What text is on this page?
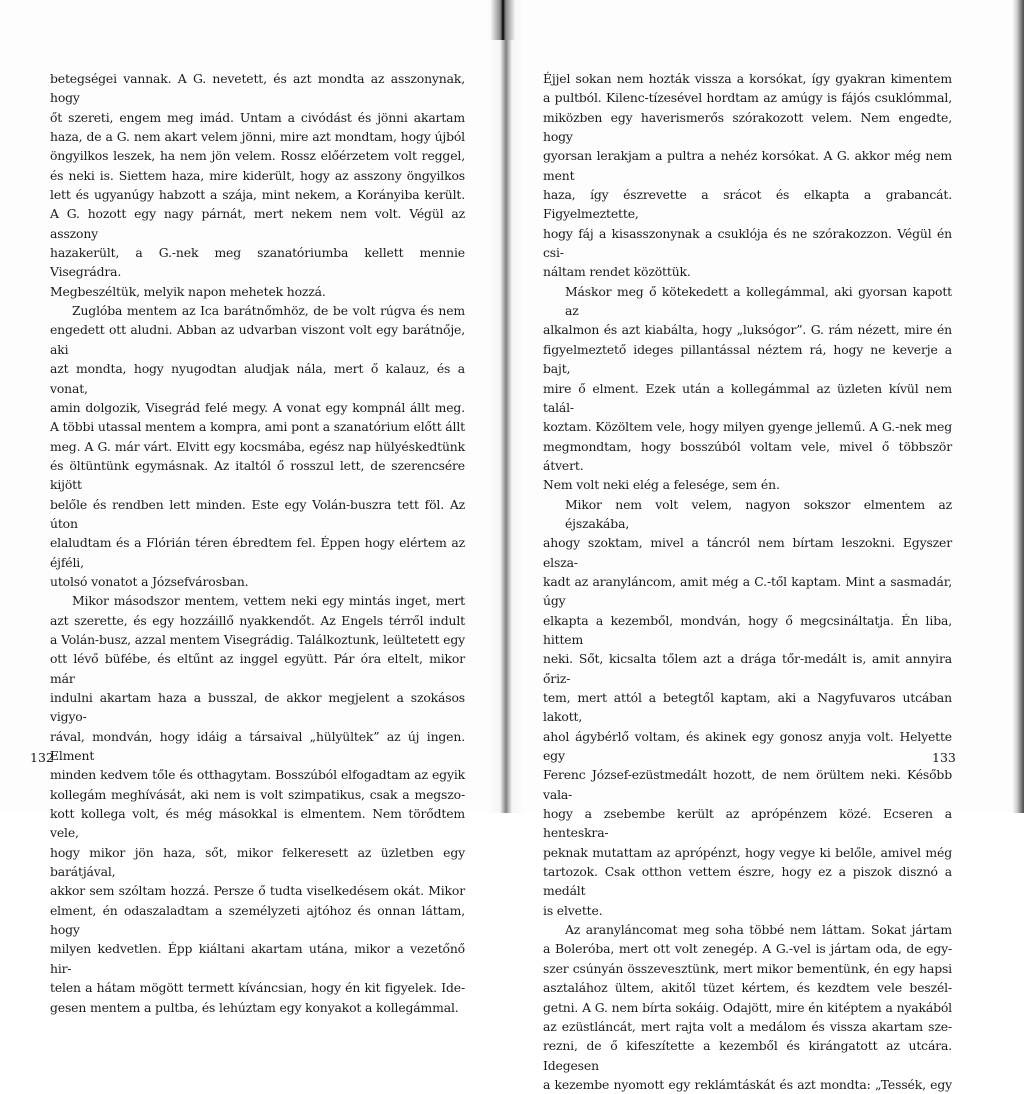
betegségei vannak. A G. nevetett, és azt mondta az asszonynak, hogy
őt szereti, engem meg imád. Untam a civódást és jönni akartam
haza, de a G. nem akart velem jönni, mire azt mondtam, hogy újból
öngyilkos leszek, ha nem jön velem. Rossz előérzetem volt reggel,
és neki is. Siettem haza, mire kiderült, hogy az asszony öngyilkos
lett és ugyanúgy habzott a szája, mint nekem, a Korányiba került.
A G. hozott egy nagy párnát, mert nekem nem volt. Végül az asszony
hazakerült, a G.-nek meg szanatóriumba kellett mennie Visegrádra.
Megbeszéltük, melyik napon mehetek hozzá.
Zuglóba mentem az Ica barátnőmhöz, de be volt rúgva és nem
engedett ott aludni. Abban az udvarban viszont volt egy barátnője, aki
azt mondta, hogy nyugodtan aludjak nála, mert ő kalauz, és a vonat,
amin dolgozik, Visegrád felé megy. A vonat egy kompnál állt meg.
A többi utassal mentem a kompra, ami pont a szanatórium előtt állt
meg. A G. már várt. Elvitt egy kocsmába, egész nap hülyéskedtünk
és öltüntünk egymásnak. Az italtól ő rosszul lett, de szerencsére kijött
belőle és rendben lett minden. Este egy Volán-buszra tett föl. Az úton
elaludtam és a Flórián téren ébredtem fel. Éppen hogy elértem az éjféli,
utolsó vonatot a Józsefvárosban.
Mikor másodszor mentem, vettem neki egy mintás inget, mert
azt szerette, és egy hozzáillő nyakkendőt. Az Engels térről indult
a Volán-busz, azzal mentem Visegrádig. Találkoztunk, leültetett egy
ott lévő büfébe, és eltűnt az inggel együtt. Pár óra eltelt, mikor már
indulni akartam haza a busszal, de akkor megjelent a szokásos vigyo-
rával, mondván, hogy idáig a társaival „hülyültek” az új ingen. Elment
minden kedvem tőle és otthagytam. Bosszúból elfogadtam az egyik
kollegám meghívását, aki nem is volt szimpatikus, csak a megszo-
kott kollega volt, és még másokkal is elmentem. Nem törődtem vele,
hogy mikor jön haza, sőt, mikor felkeresett az üzletben egy barátjával,
akkor sem szóltam hozzá. Persze ő tudta viselkedésem okát. Mikor
elment, én odaszaladtam a személyzeti ajtóhoz és onnan láttam, hogy
milyen kedvetlen. Épp kiáltani akartam utána, mikor a vezetőnő hir-
telen a hátam mögött termett kíváncsian, hogy én kit figyelek. Ide-
gesen mentem a pultba, és lehúztam egy konyakot a kollegámmal.
Éjjel sokan nem hozták vissza a korsókat, így gyakran kimentem
a pultból. Kilenc-tízesével hordtam az amúgy is fájós csuklómmal,
miközben egy haverismerős szórakozott velem. Nem engedte, hogy
gyorsan lerakjam a pultra a nehéz korsókat. A G. akkor még nem ment
haza, így észrevette a srácot és elkapta a grabancát. Figyelmeztette,
hogy fáj a kisasszonynak a csuklója és ne szórakozzon. Végül én csi-
náltam rendet közöttük.
Máskor meg ő kötekedett a kollegámmal, aki gyorsan kapott az
alkalmon és azt kiabálta, hogy „luksógor”. G. rám nézett, mire én
figyelmeztető ideges pillantással néztem rá, hogy ne keverje a bajt,
mire ő elment. Ezek után a kollegámmal az üzleten kívül nem talál-
koztam. Közöltem vele, hogy milyen gyenge jellemű. A G.-nek meg
megmondtam, hogy bosszúból voltam vele, mivel ő többször átvert.
Nem volt neki elég a felesége, sem én.
Mikor nem volt velem, nagyon sokszor elmentem az éjszakába,
ahogy szoktam, mivel a táncról nem bírtam leszokni. Egyszer elsza-
kadt az aranyláncom, amit még a C.-től kaptam. Mint a sasmadár, úgy
elkapta a kezemből, mondván, hogy ő megcsináltatja. Én liba, hittem
neki. Sőt, kicsalta tőlem azt a drága tőr-medált is, amit annyira őriz-
tem, mert attól a betegtől kaptam, aki a Nagyfuvaros utcában lakott,
ahol ágybérlő voltam, és akinek egy gonosz anyja volt. Helyette egy
Ferenc József-ezüstmedált hozott, de nem örültem neki. Később vala-
hogy a zsebembe került az aprópénzem közé. Ecseren a henteskra-
peknak mutattam az aprópénzt, hogy vegye ki belőle, amivel még
tartozok. Csak otthon vettem észre, hogy ez a piszok disznó a medált
is elvette.
Az aranyláncomat meg soha többé nem láttam. Sokat jártam
a Boleróba, mert ott volt zenegép. A G.-vel is jártam oda, de egy-
szer csúnyán összevesztünk, mert mikor bementünk, én egy hapsi
asztalához ültem, akitől tüzet kértem, és kezdtem vele beszél-
getni. A G. nem bírta sokáig. Odajött, mire én kitéptem a nyakából
az ezüstláncát, mert rajta volt a medálom és visszа akartam sze-
rezni, de ő kifeszítette a kezemből és kirángatott az utcára. Idegesen
a kezembe nyomott egy reklámtáskát és azt mondta: „Tessék, egy
132	133
